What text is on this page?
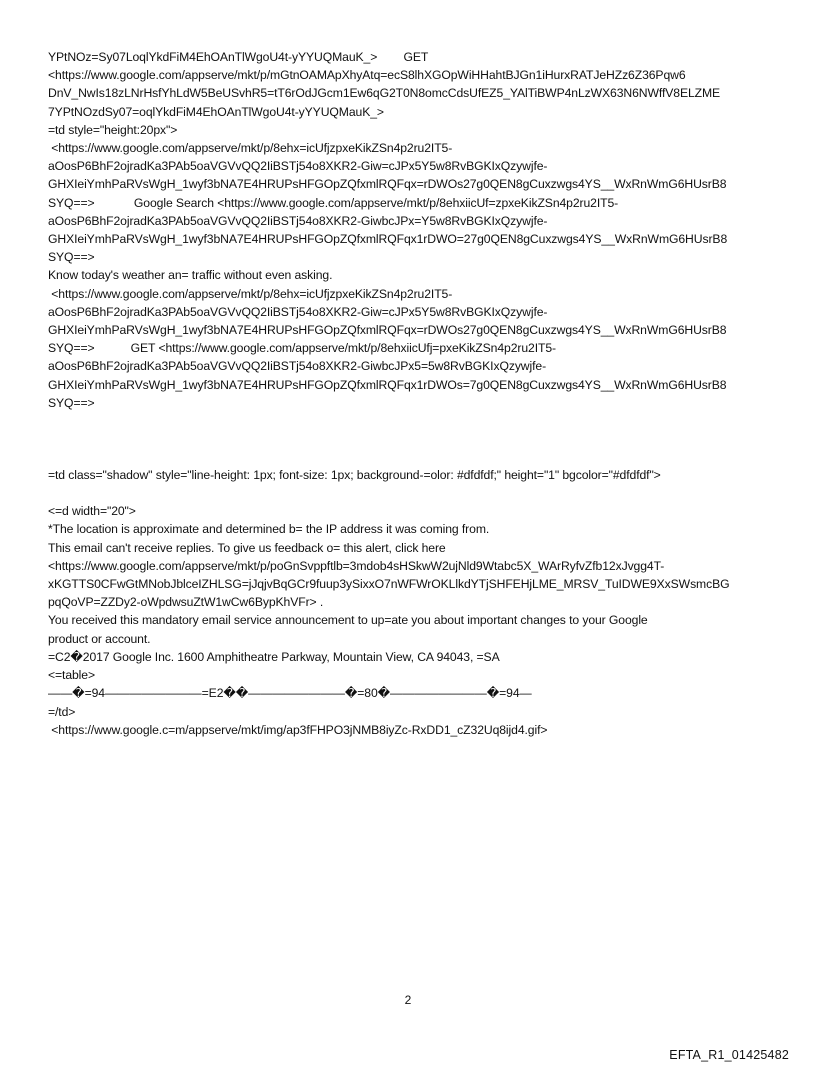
YPtNOz=Sy07LoqlYkdFiM4EhOAnTlWgoU4t-yYYUQMauK_>        GET
<https://www.google.com/appserve/mkt/p/mGtnOAMApXhyAtq=ecS8lhXGOpWiHHahtBJGn1iHurxRATJeHZz6Z36Pqw6
DnV_NwIs18zLNrHsfYhLdW5BeUSvhR5=tT6rOdJGcm1Ew6qG2T0N8omcCdsUfEZ5_YAlTiBWP4nLzWX63N6NWffV8ELZME
7YPtNOzdSy07=oqlYkdFiM4EhOAnTlWgoU4t-yYYUQMauK_>
=td style="height:20px">
<https://www.google.com/appserve/mkt/p/8ehx=icUfjzpxeKikZSn4p2ru2IT5-
aOosP6BhF2ojradKa3PAb5oaVGVvQQ2IiBSTj54o8XKR2-Giw=cJPx5Y5w8RvBGKIxQzywjfe-
GHXIeiYmhPaRVsWgH_1wyf3bNA7E4HRUPsHFGOpZQfxmlRQFqx=rDWOs27g0QEN8gCuxzwgs4YS__WxRnWmG6HUsrB8
SYQ==>            Google Search <https://www.google.com/appserve/mkt/p/8ehxiicUf=zpxeKikZSn4p2ru2IT5-
aOosP6BhF2ojradKa3PAb5oaVGVvQQ2IiBSTj54o8XKR2-GiwbcJPx=Y5w8RvBGKIxQzywjfe-
GHXIeiYmhPaRVsWgH_1wyf3bNA7E4HRUPsHFGOpZQfxmlRQFqx1rDWO=27g0QEN8gCuxzwgs4YS__WxRnWmG6HUsrB8
SYQ==>
Know today's weather an= traffic without even asking.
<https://www.google.com/appserve/mkt/p/8ehx=icUfjzpxeKikZSn4p2ru2IT5-
aOosP6BhF2ojradKa3PAb5oaVGVvQQ2IiBSTj54o8XKR2-Giw=cJPx5Y5w8RvBGKIxQzywjfe-
GHXIeiYmhPaRVsWgH_1wyf3bNA7E4HRUPsHFGOpZQfxmlRQFqx=rDWOs27g0QEN8gCuxzwgs4YS__WxRnWmG6HUsrB8
SYQ==>           GET <https://www.google.com/appserve/mkt/p/8ehxiicUfj=pxeKikZSn4p2ru2IT5-
aOosP6BhF2ojradKa3PAb5oaVGVvQQ2IiBSTj54o8XKR2-GiwbcJPx5=5w8RvBGKIxQzywjfe-
GHXIeiYmhPaRVsWgH_1wyf3bNA7E4HRUPsHFGOpZQfxmlRQFqx1rDWOs=7g0QEN8gCuxzwgs4YS__WxRnWmG6HUsrB8
SYQ==>
=td class="shadow" style="line-height: 1px; font-size: 1px; background-=olor: #dfdfdf;" height="1" bgcolor="#dfdfdf">
<=d width="20">
*The location is approximate and determined b= the IP address it was coming from.
This email can't receive replies. To give us feedback o= this alert, click here
<https://www.google.com/appserve/mkt/p/poGnSvppftlb=3mdob4sHSkwW2ujNld9Wtabc5X_WArRyfvZfb12xJvgg4T-
xKGTTS0CFwGtMNobJblceIZHLSG=jJqjvBqGCr9fuup3ySixxO7nWFWrOKLlkdYTjSHFEHjLME_MRSV_TuIDWE9XxSWsmcBG
pqQoVP=ZZDy2-oWpdwsuZtW1wCw6BypKhVFr> .
You received this mandatory email service announcement to up=ate you about important changes to your Google
product or account.
=C2�2017 Google Inc. 1600 Amphitheatre Parkway, Mountain View, CA 94043, =SA
<=table>
——�=94————————=E2��————————�=80�————————�=94—
=/td>
<https://www.google.c=m/appserve/mkt/img/ap3fFHPO3jNMB8iyZc-RxDD1_cZ32Uq8ijd4.gif>
2
EFTA_R1_01425482
